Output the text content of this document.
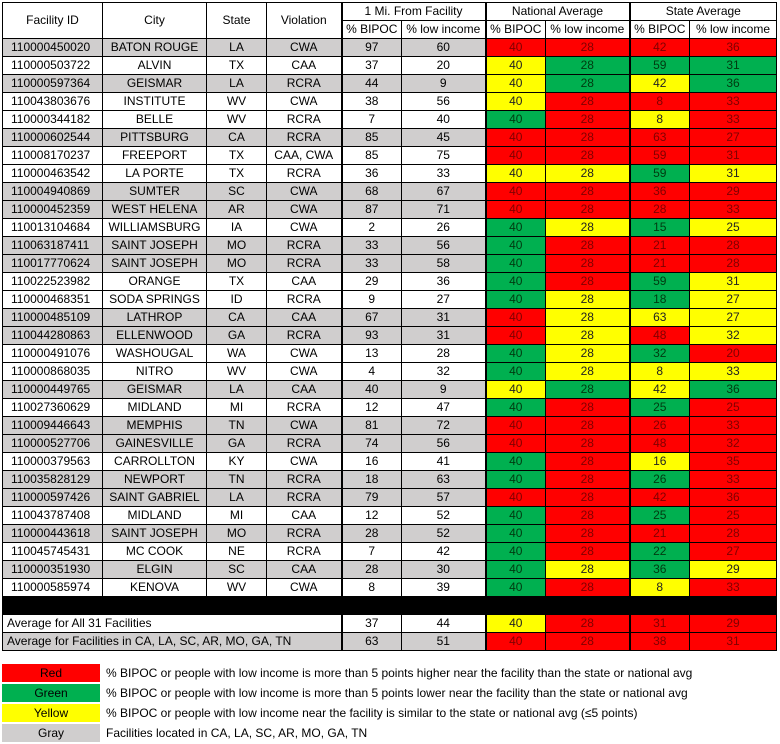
Facility ID	City	State	Violation	1 Mi. From Facility		National Average		State Average	
				% BIPOC	% low income	% BIPOC	% low income	% BIPOC	% low income
110000450020	BATON ROUGE	LA	CWA	97	60	40	28	42	36
110000503722	ALVIN	TX	CAA	37	20	40	28	59	31
110000597364	GEISMAR	LA	RCRA	44	9	40	28	42	36
110043803676	INSTITUTE	WV	CWA	38	56	40	28	8	33
110000344182	BELLE	WV	RCRA	7	40	40	28	8	33
110000602544	PITTSBURG	CA	RCRA	85	45	40	28	63	27
110008170237	FREEPORT	TX	CAA, CWA	85	75	40	28	59	31
110000463542	LA PORTE	TX	RCRA	36	33	40	28	59	31
110004940869	SUMTER	SC	CWA	68	67	40	28	36	29
110000452359	WEST HELENA	AR	CWA	87	71	40	28	28	33
110013104684	WILLIAMSBURG	IA	CWA	2	26	40	28	15	25
110063187411	SAINT JOSEPH	MO	RCRA	33	56	40	28	21	28
110017770624	SAINT JOSEPH	MO	RCRA	33	58	40	28	21	28
110022523982	ORANGE	TX	CAA	29	36	40	28	59	31
110000468351	SODA SPRINGS	ID	RCRA	9	27	40	28	18	27
110000485109	LATHROP	CA	CAA	67	31	40	28	63	27
110044280863	ELLENWOOD	GA	RCRA	93	31	40	28	48	32
110000491076	WASHOUGAL	WA	CWA	13	28	40	28	32	20
110000868035	NITRO	WV	CWA	4	32	40	28	8	33
110000449765	GEISMAR	LA	CAA	40	9	40	28	42	36
110027360629	MIDLAND	MI	RCRA	12	47	40	28	25	25
110009446643	MEMPHIS	TN	CWA	81	72	40	28	26	33
110000527706	GAINESVILLE	GA	RCRA	74	56	40	28	48	32
110000379563	CARROLLTON	KY	CWA	16	41	40	28	16	35
110035828129	NEWPORT	TN	RCRA	18	63	40	28	26	33
110000597426	SAINT GABRIEL	LA	RCRA	79	57	40	28	42	36
110043787408	MIDLAND	MI	CAA	12	52	40	28	25	25
110000443618	SAINT JOSEPH	MO	RCRA	28	52	40	28	21	28
110045745431	MC COOK	NE	RCRA	7	42	40	28	22	27
110000351930	ELGIN	SC	CAA	28	30	40	28	36	29
110000585974	KENOVA	WV	CWA	8	39	40	28	8	33

Average for All 31 Facilities				37	44	40	28	31	29
Average for Facilities in CA, LA, SC, AR, MO, GA, TN				63	51	40	28	38	31
Red	% BIPOC or people with low income is more than 5 points higher near the facility than the state or national avg
Green	% BIPOC or people with low income is more than 5 points lower near the facility than the state or national avg
Yellow	% BIPOC or people with low income near the facility is similar to the state or national avg (≤5 points)
Gray	Facilities located in CA, LA, SC, AR, MO, GA, TN
